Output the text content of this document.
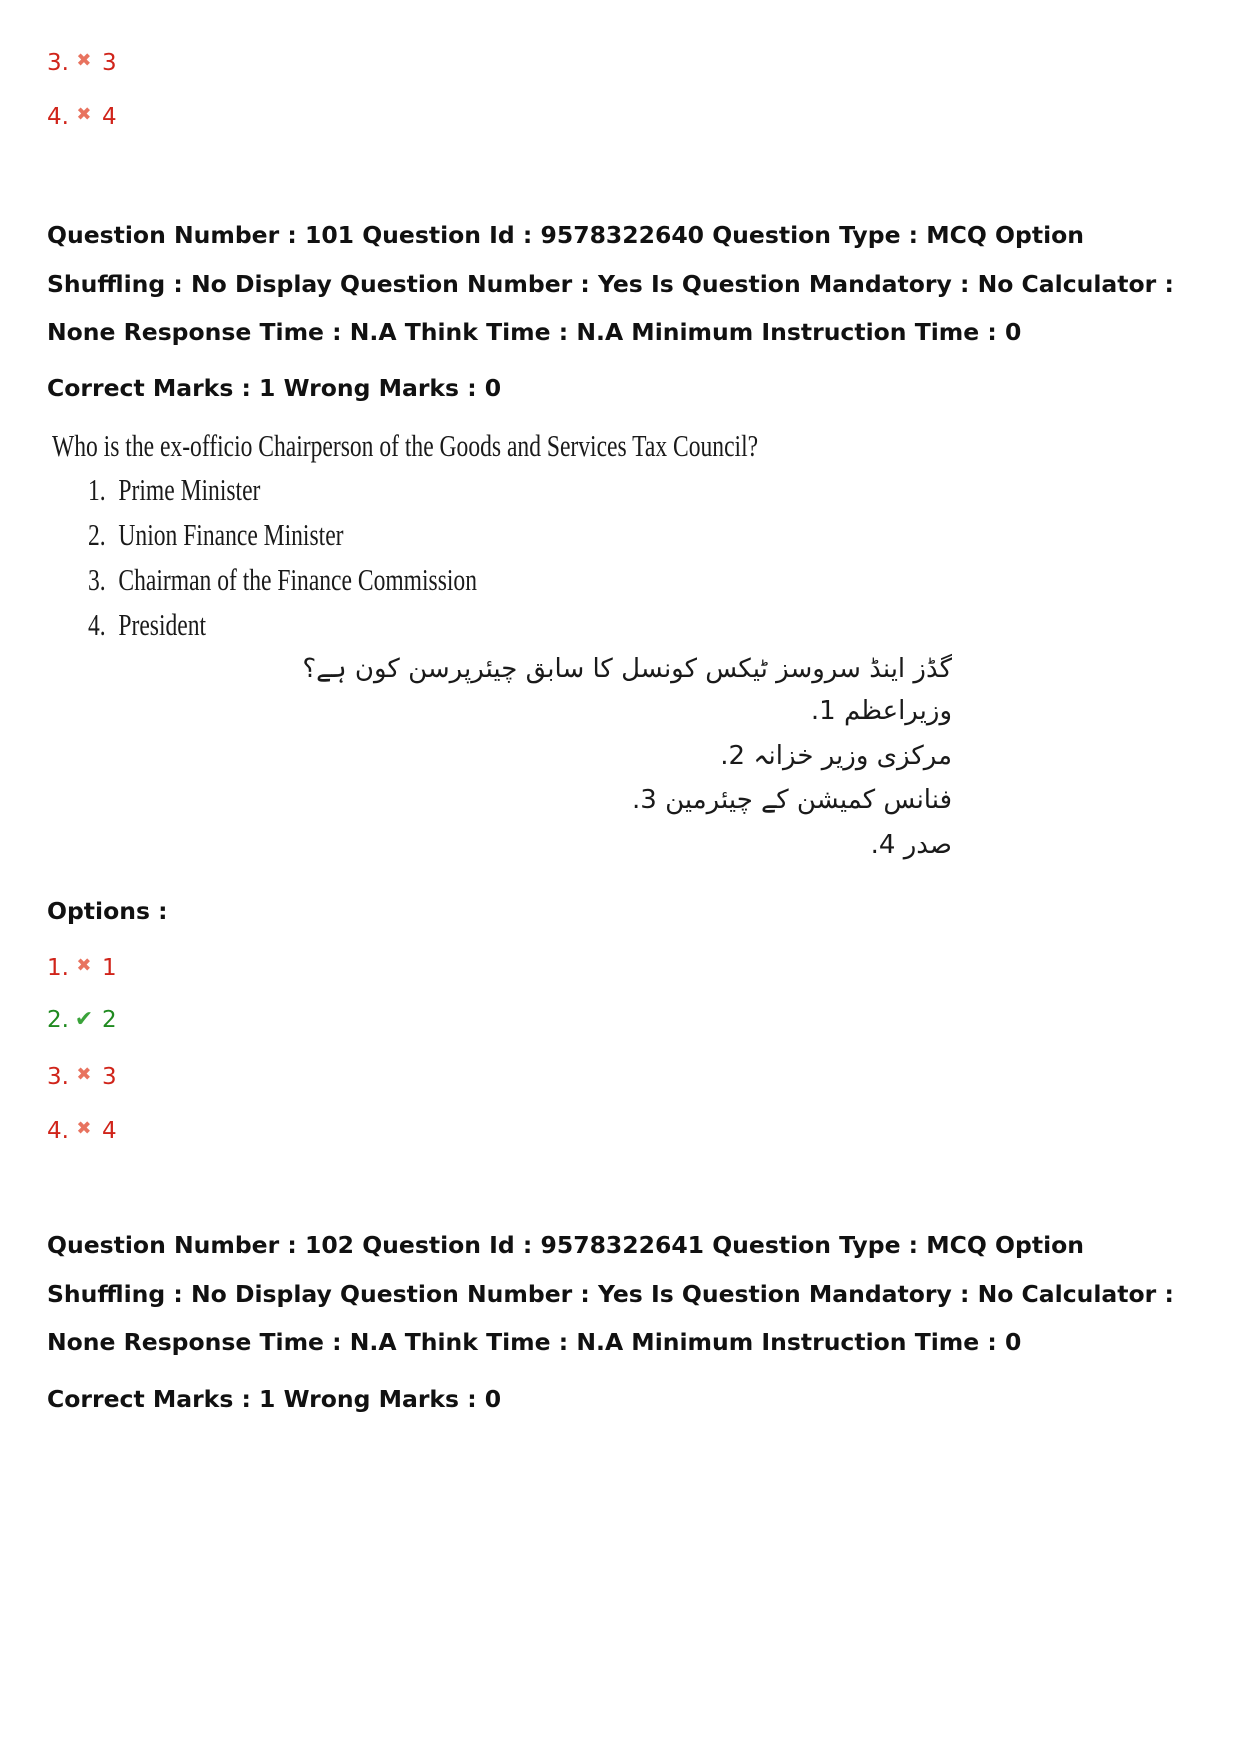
3. ✖ 3
4. ✖ 4
Question Number : 101 Question Id : 9578322640 Question Type : MCQ Option Shuffling : No Display Question Number : Yes Is Question Mandatory : No Calculator : None Response Time : N.A Think Time : N.A Minimum Instruction Time : 0
Correct Marks : 1 Wrong Marks : 0
Who is the ex-officio Chairperson of the Goods and Services Tax Council?
1. Prime Minister
2. Union Finance Minister
3. Chairman of the Finance Commission
4. President
گڈز اینڈ سروسز ٹیکس کونسل کا سابق چیئرپرسن کون ہے؟
وزیراعظم 1.
مرکزی وزیر خزانہ 2.
فنانس کمیشن کے چیئرمین 3.
صدر 4.
Options :
1. ✖ 1
2. ✔ 2
3. ✖ 3
4. ✖ 4
Question Number : 102 Question Id : 9578322641 Question Type : MCQ Option Shuffling : No Display Question Number : Yes Is Question Mandatory : No Calculator : None Response Time : N.A Think Time : N.A Minimum Instruction Time : 0
Correct Marks : 1 Wrong Marks : 0
